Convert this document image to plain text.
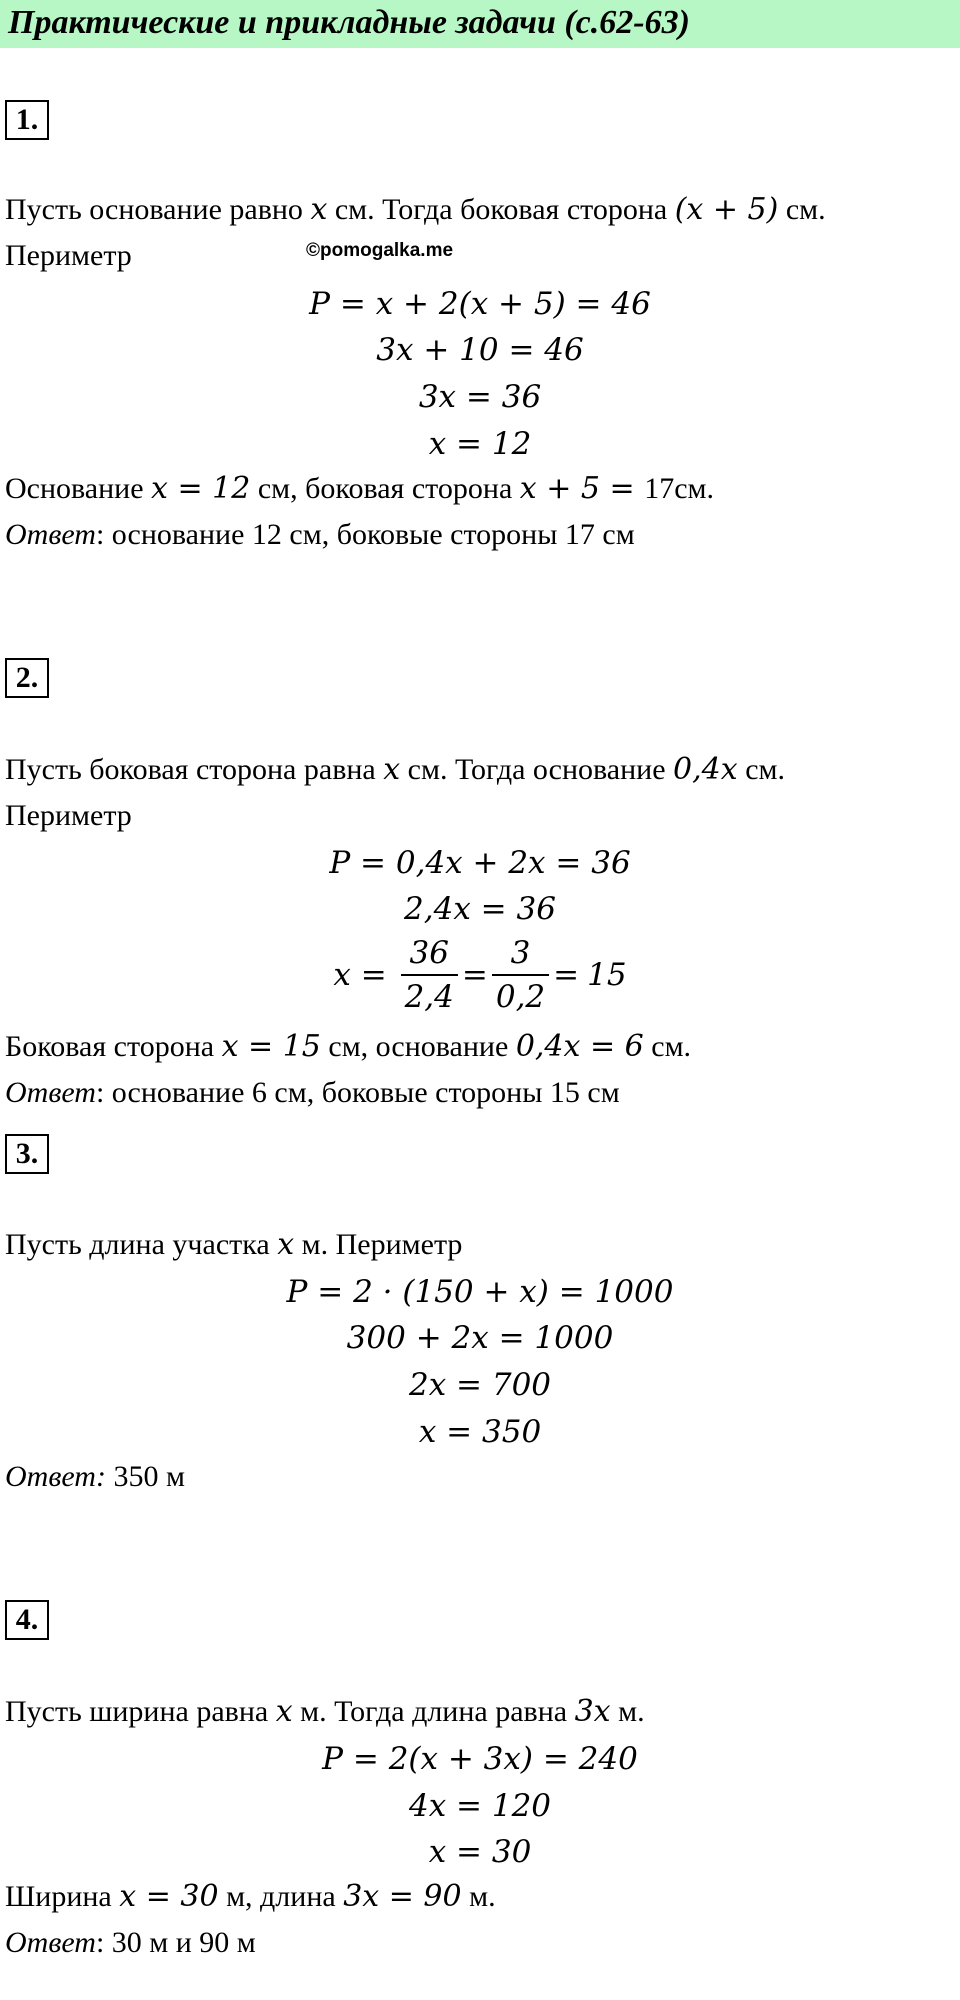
Практические и прикладные задачи (с.62-63)
©pomogalka.me
1.
Пусть основание равно x см. Тогда боковая сторона (x + 5) см.
Периметр
P = x + 2(x + 5) = 46
3x + 10 = 46
3x = 36
x = 12
Основание x = 12 см, боковая сторона x + 5 = 17см.
Ответ: основание 12 см, боковые стороны 17 см
2.
Пусть боковая сторона равна x см. Тогда основание 0,4x см.
Периметр
P = 0,4x + 2x = 36
2,4x = 36
$x = \frac{36}{2,4} = \frac{3}{0,2} = 15$
Боковая сторона x = 15 см, основание 0,4x = 6 см.
Ответ: основание 6 см, боковые стороны 15 см
3.
Пусть длина участка x м. Периметр
P = 2 · (150 + x) = 1000
300 + 2x = 1000
2x = 700
x = 350
Ответ: 350 м
4.
Пусть ширина равна x м. Тогда длина равна 3x м.
P = 2(x + 3x) = 240
4x = 120
x = 30
Ширина x = 30 м, длина 3x = 90 м.
Ответ: 30 м и 90 м
